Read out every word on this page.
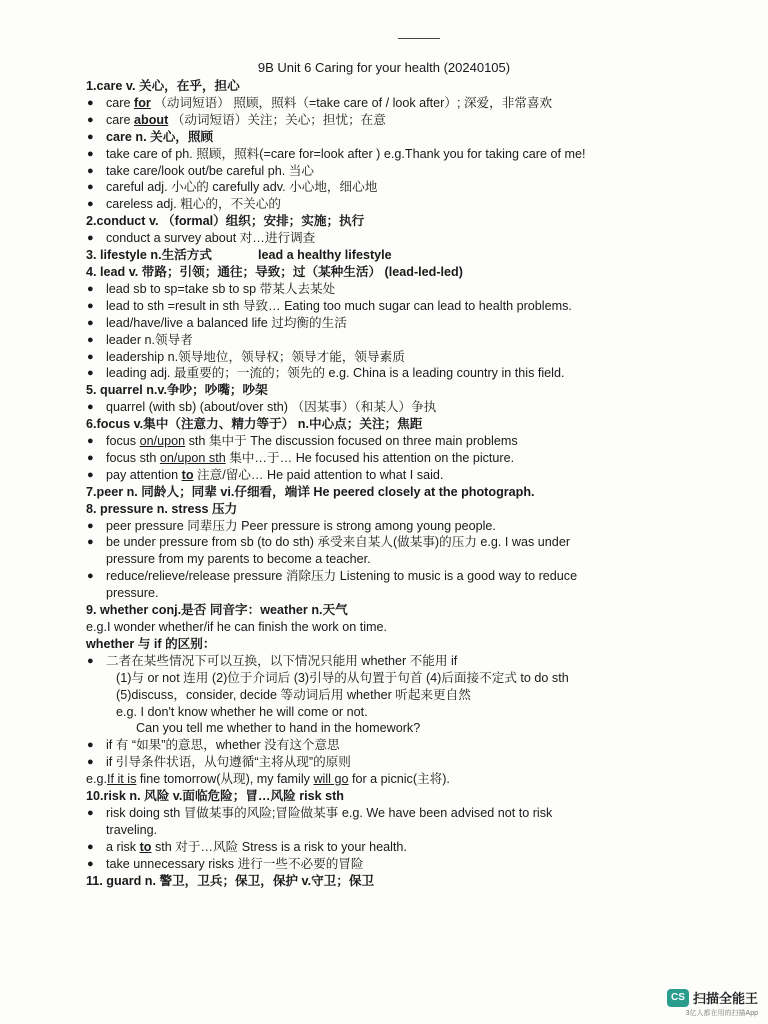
9B Unit 6 Caring for your health (20240105)
1.care v. 关心，在乎，担心
● care for （动词短语） 照顾，照料（=take care of / look after）; 深爱，非常喜欢
● care about （动词短语）关注；关心；担忧；在意
● care n. 关心，照顾
● take care of ph. 照顾，照料(=care for=look after ) e.g.Thank you for taking care of me!
● take care/look out/be careful ph. 当心
● careful adj. 小心的 carefully adv. 小心地，细心地
● careless adj. 粗心的，不关心的
2.conduct v. （formal）组织；安排；实施；执行
● conduct a survey about 对…进行调查
3. lifestyle n.生活方式	lead a healthy lifestyle
4. lead v. 带路；引领；通往；导致；过（某种生活） (lead-led-led)
● lead sb to sp=take sb to sp 带某人去某处
● lead to sth =result in sth 导致… Eating too much sugar can lead to health problems.
● lead/have/live a balanced life 过均衡的生活
● leader n.领导者
● leadership n.领导地位，领导权；领导才能，领导素质
● leading adj. 最重要的；一流的；领先的 e.g. China is a leading country in this field.
5. quarrel n.v.争吵；吵嘴；吵架
● quarrel (with sb) (about/over sth) （因某事）（和某人）争执
6.focus v.集中（注意力、精力等于） n.中心点；关注；焦距
● focus on/upon sth 集中于 The discussion focused on three main problems
● focus sth on/upon sth 集中…于… He focused his attention on the picture.
● pay attention to 注意/留心… He paid attention to what I said.
7.peer n. 同龄人；同辈 vi.仔细看，端详 He peered closely at the photograph.
8. pressure n. stress 压力
● peer pressure 同辈压力 Peer pressure is strong among young people.
● be under pressure from sb (to do sth) 承受来自某人(做某事)的压力 e.g. I was under
pressure from my parents to become a teacher.
● reduce/relieve/release pressure 消除压力 Listening to music is a good way to reduce
pressure.
9. whether conj.是否 同音字：weather n.天气
e.g.I wonder whether/if he can finish the work on time.
whether 与 if 的区别：
● 二者在某些情况下可以互换，以下情况只能用 whether 不能用 if
(1)与 or not 连用 (2)位于介词后 (3)引导的从句置于句首 (4)后面接不定式 to do sth
(5)discuss，consider, decide 等动词后用 whether 听起来更自然
e.g. I don't know whether he will come or not.
Can you tell me whether to hand in the homework?
● if 有 “如果”的意思，whether 没有这个意思
● if 引导条件状语，从句遵循“主将从现”的原则
e.g.If it is fine tomorrow(从现), my family will go for a picnic(主将).
10.risk n. 风险 v.面临危险；冒…风险 risk sth
● risk doing sth 冒做某事的风险;冒险做某事 e.g. We have been advised not to risk
traveling.
● a risk to sth 对于…风险 Stress is a risk to your health.
● take unnecessary risks 进行一些不必要的冒险
11. guard n. 警卫，卫兵；保卫，保护 v.守卫；保卫
CS 扫描全能王
3亿人都在用的扫描App
